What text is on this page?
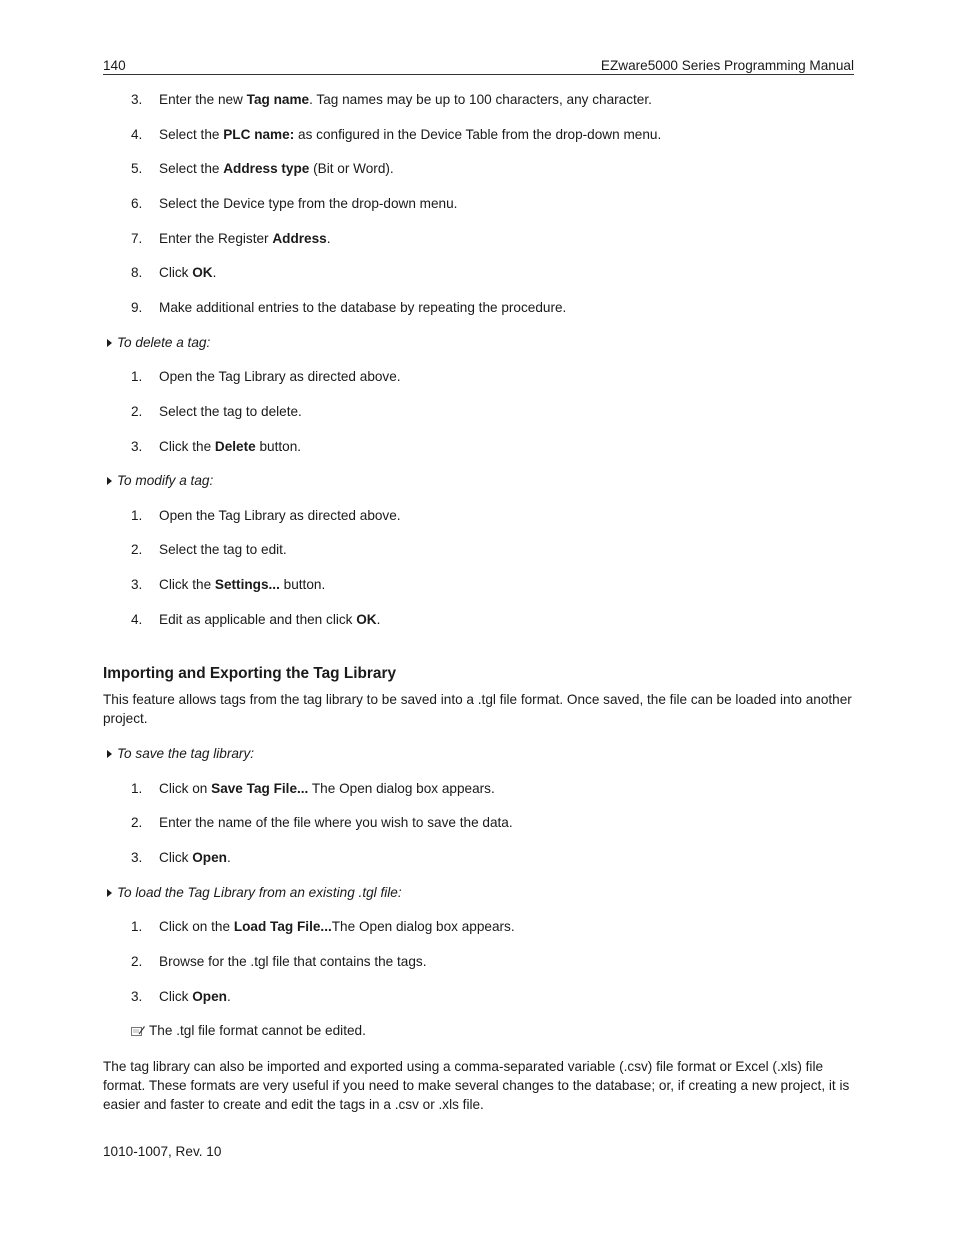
140	EZware5000 Series Programming Manual
3. Enter the new Tag name. Tag names may be up to 100 characters, any character.
4. Select the PLC name: as configured in the Device Table from the drop-down menu.
5. Select the Address type (Bit or Word).
6. Select the Device type from the drop-down menu.
7. Enter the Register Address.
8. Click OK.
9. Make additional entries to the database by repeating the procedure.
To delete a tag:
1. Open the Tag Library as directed above.
2. Select the tag to delete.
3. Click the Delete button.
To modify a tag:
1. Open the Tag Library as directed above.
2. Select the tag to edit.
3. Click the Settings... button.
4. Edit as applicable and then click OK.
Importing and Exporting the Tag Library
This feature allows tags from the tag library to be saved into a .tgl file format. Once saved, the file can be loaded into another project.
To save the tag library:
1. Click on Save Tag File... The Open dialog box appears.
2. Enter the name of the file where you wish to save the data.
3. Click Open.
To load the Tag Library from an existing .tgl file:
1. Click on the Load Tag File...The Open dialog box appears.
2. Browse for the .tgl file that contains the tags.
3. Click Open.
The .tgl file format cannot be edited.
The tag library can also be imported and exported using a comma-separated variable (.csv) file format or Excel (.xls) file format. These formats are very useful if you need to make several changes to the database; or, if creating a new project, it is easier and faster to create and edit the tags in a .csv or .xls file.
1010-1007, Rev. 10
